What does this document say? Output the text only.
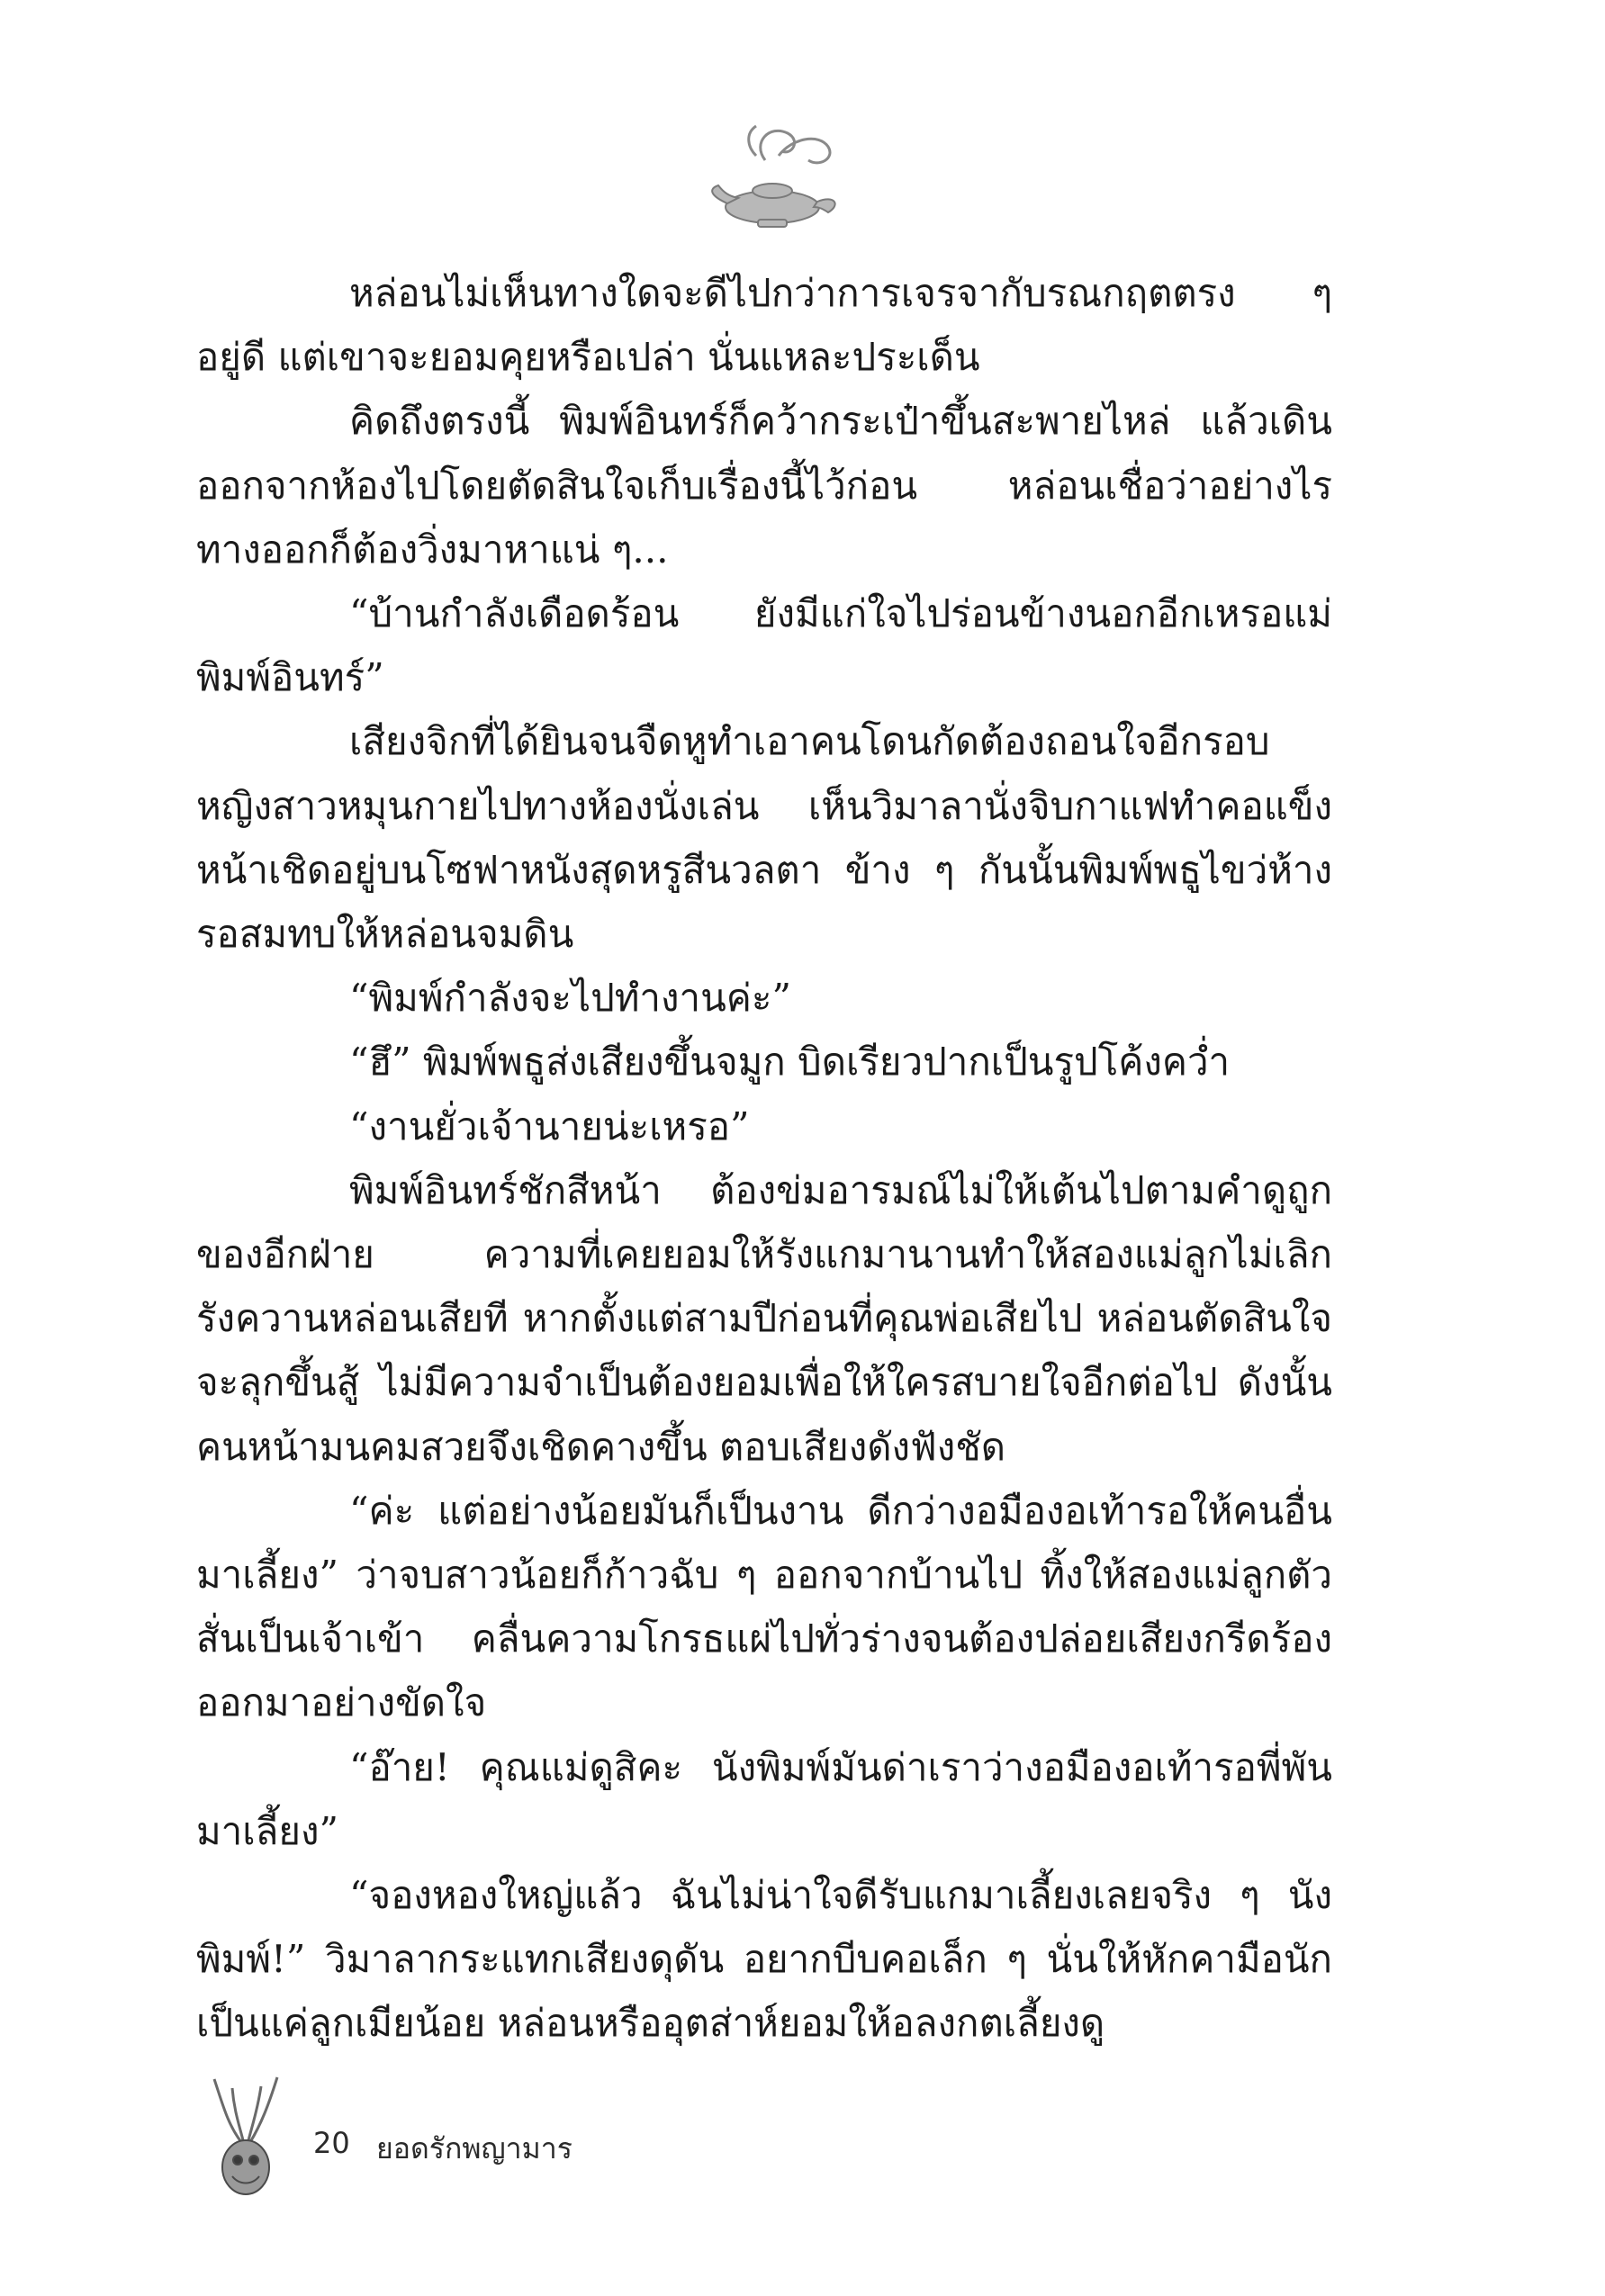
หล่อนไม่เห็นทางใดจะดีไปกว่าการเจรจากับรณกฤตตรง ๆ อยู่ดี แต่เขาจะยอมคุยหรือเปล่า นั่นแหละประเด็น

คิดถึงตรงนี้ พิมพ์อินทร์ก็คว้ากระเป๋าขึ้นสะพายไหล่ แล้วเดินออกจากห้องไปโดยตัดสินใจเก็บเรื่องนี้ไว้ก่อน หล่อนเชื่อว่าอย่างไรทางออกก็ต้องวิ่งมาหาแน่ ๆ...

“บ้านกำลังเดือดร้อน ยังมีแก่ใจไปร่อนข้างนอกอีกเหรอแม่พิมพ์อินทร์”

เสียงจิกที่ได้ยินจนจืดหูทำเอาคนโดนกัดต้องถอนใจอีกรอบ หญิงสาวหมุนกายไปทางห้องนั่งเล่น เห็นวิมาลานั่งจิบกาแฟทำคอแข็ง หน้าเชิดอยู่บนโซฟาหนังสุดหรูสีนวลตา ข้าง ๆ กันนั้นพิมพ์พธูไขว่ห้าง รอสมทบให้หล่อนจมดิน

“พิมพ์กำลังจะไปทำงานค่ะ”

“ฮึ” พิมพ์พธูส่งเสียงขึ้นจมูก บิดเรียวปากเป็นรูปโค้งคว่ำ

“งานยั่วเจ้านายน่ะเหรอ”

พิมพ์อินทร์ชักสีหน้า ต้องข่มอารมณ์ไม่ให้เต้นไปตามคำดูถูกของอีกฝ่าย ความที่เคยยอมให้รังแกมานานทำให้สองแม่ลูกไม่เลิกรังควานหล่อนเสียที หากตั้งแต่สามปีก่อนที่คุณพ่อเสียไป หล่อนตัดสินใจจะลุกขึ้นสู้ ไม่มีความจำเป็นต้องยอมเพื่อให้ใครสบายใจอีกต่อไป ดังนั้นคนหน้ามนคมสวยจึงเชิดคางขึ้น ตอบเสียงดังฟังชัด

“ค่ะ แต่อย่างน้อยมันก็เป็นงาน ดีกว่างอมืองอเท้ารอให้คนอื่นมาเลี้ยง” ว่าจบสาวน้อยก็ก้าวฉับ ๆ ออกจากบ้านไป ทิ้งให้สองแม่ลูกตัวสั่นเป็นเจ้าเข้า คลื่นความโกรธแผ่ไปทั่วร่างจนต้องปล่อยเสียงกรีดร้องออกมาอย่างขัดใจ

“อ๊าย! คุณแม่ดูสิคะ นังพิมพ์มันด่าเราว่างอมืองอเท้ารอพี่พันมาเลี้ยง”

“จองหองใหญ่แล้ว ฉันไม่น่าใจดีรับแกมาเลี้ยงเลยจริง ๆ นังพิมพ์!” วิมาลากระแทกเสียงดุดัน อยากบีบคอเล็ก ๆ นั่นให้หักคามือนัก เป็นแค่ลูกเมียน้อย หล่อนหรืออุตส่าห์ยอมให้อลงกตเลี้ยงดู

20 ยอดรักพญามาร
